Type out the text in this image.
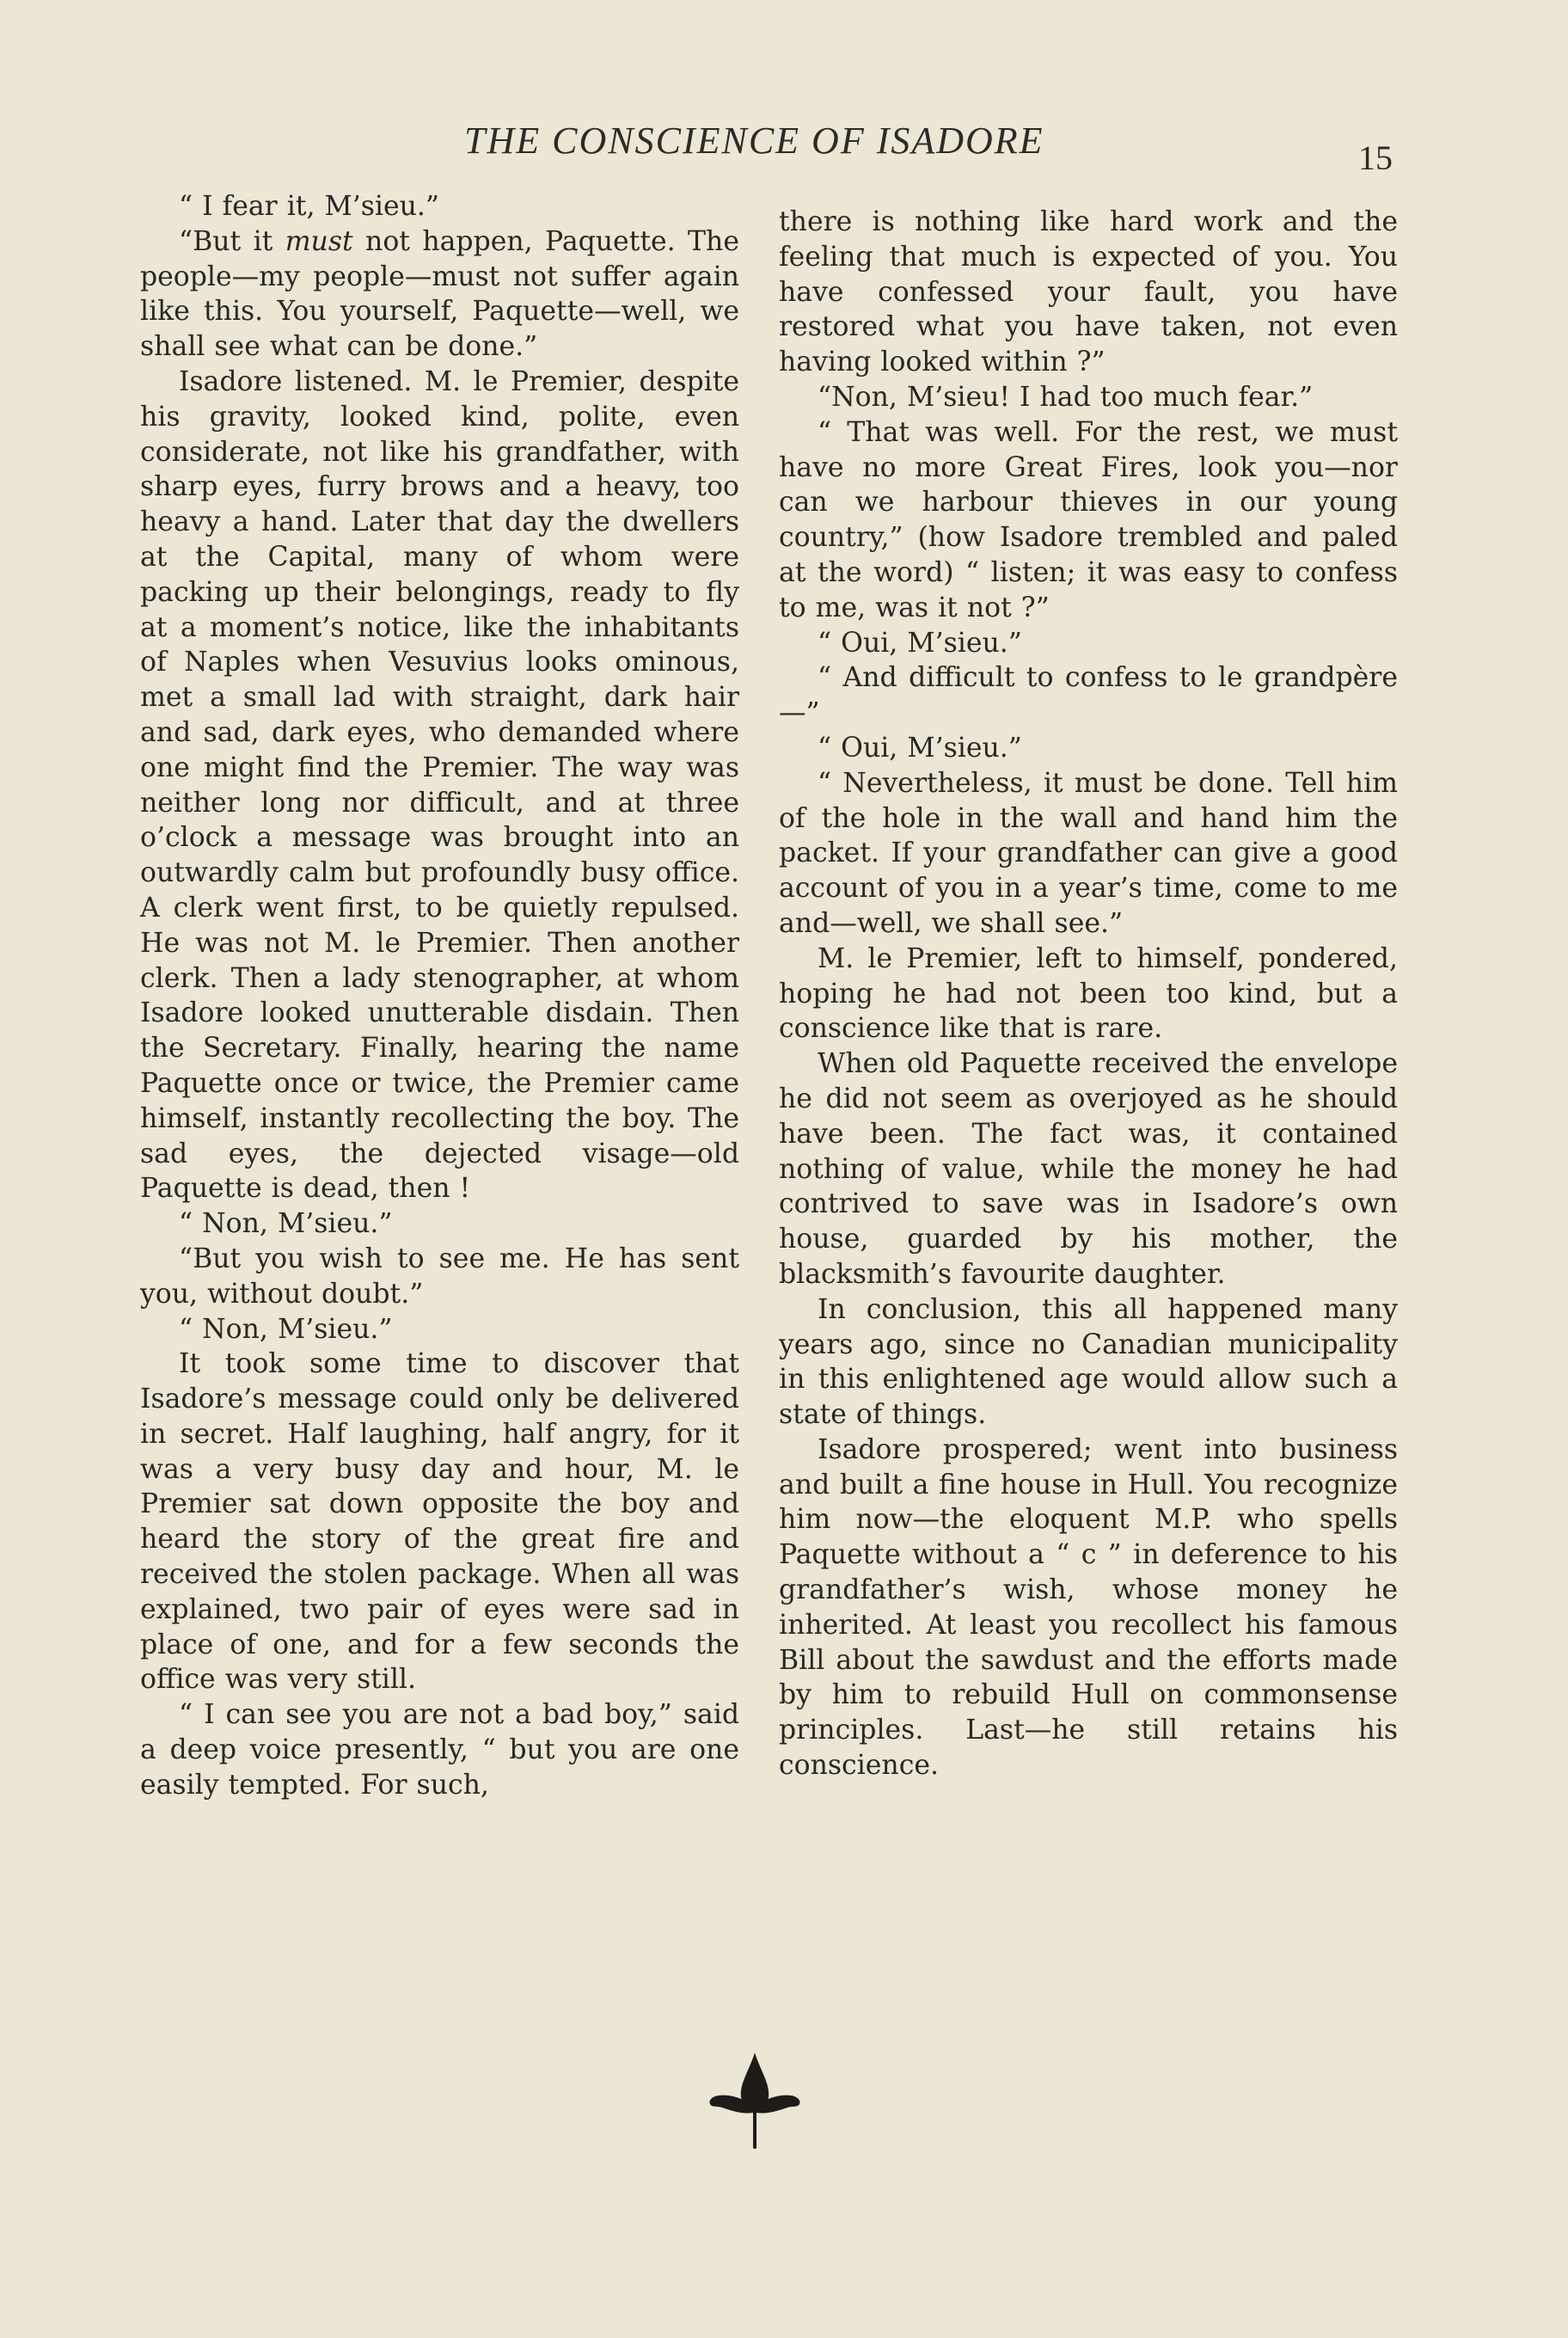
THE CONSCIENCE OF ISADORE	15

“ I fear it, M’sieu.”

“But it must not happen, Paquette. The people—my people—must not suffer again like this. You yourself, Paquette—well, we shall see what can be done.”

Isadore listened. M. le Premier, despite his gravity, looked kind, polite, even considerate, not like his grandfather, with sharp eyes, furry brows and a heavy, too heavy a hand. Later that day the dwellers at the Capital, many of whom were packing up their belongings, ready to fly at a moment’s notice, like the inhabitants of Naples when Vesuvius looks ominous, met a small lad with straight, dark hair and sad, dark eyes, who demanded where one might find the Premier. The way was neither long nor difficult, and at three o’clock a message was brought into an outwardly calm but profoundly busy office. A clerk went first, to be quietly repulsed. He was not M. le Premier. Then another clerk. Then a lady stenographer, at whom Isadore looked unutterable disdain. Then the Secretary. Finally, hearing the name Paquette once or twice, the Premier came himself, instantly recollecting the boy. The sad eyes, the dejected visage—old Paquette is dead, then !

“ Non, M’sieu.”

“But you wish to see me. He has sent you, without doubt.”

“ Non, M’sieu.”

It took some time to discover that Isadore’s message could only be delivered in secret. Half laughing, half angry, for it was a very busy day and hour, M. le Premier sat down opposite the boy and heard the story of the great fire and received the stolen package. When all was explained, two pair of eyes were sad in place of one, and for a few seconds the office was very still.

“ I can see you are not a bad boy,” said a deep voice presently, “ but you are one easily tempted. For such,

there is nothing like hard work and the feeling that much is expected of you. You have confessed your fault, you have restored what you have taken, not even having looked within ?”

“Non, M’sieu! I had too much fear.”

“ That was well. For the rest, we must have no more Great Fires, look you—nor can we harbour thieves in our young country,” (how Isadore trembled and paled at the word) “ listen; it was easy to confess to me, was it not ?”

“ Oui, M’sieu.”

“ And difficult to confess to le grandpère—”

“ Oui, M’sieu.”

“ Nevertheless, it must be done. Tell him of the hole in the wall and hand him the packet. If your grandfather can give a good account of you in a year’s time, come to me and—well, we shall see.”

M. le Premier, left to himself, pondered, hoping he had not been too kind, but a conscience like that is rare.

When old Paquette received the envelope he did not seem as overjoyed as he should have been. The fact was, it contained nothing of value, while the money he had contrived to save was in Isadore’s own house, guarded by his mother, the blacksmith’s favourite daughter.

In conclusion, this all happened many years ago, since no Canadian municipality in this enlightened age would allow such a state of things.

Isadore prospered; went into business and built a fine house in Hull. You recognize him now—the eloquent M.P. who spells Paquette without a “ c ” in deference to his grandfather’s wish, whose money he inherited. At least you recollect his famous Bill about the sawdust and the efforts made by him to rebuild Hull on commonsense principles. Last—he still retains his conscience.
